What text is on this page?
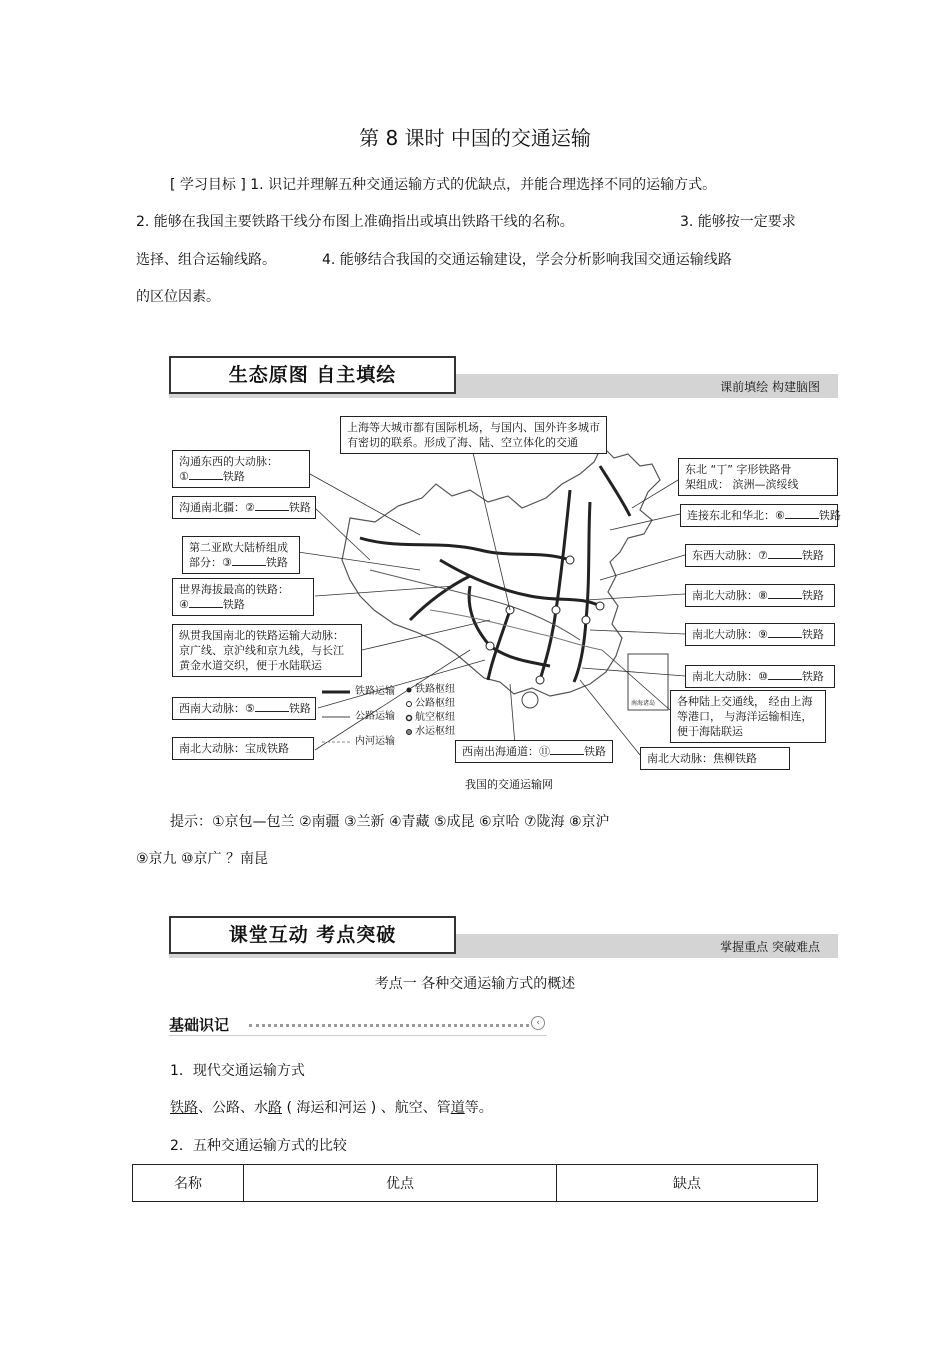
第 8 课时 中国的交通运输
[ 学习目标 ] 1. 识记并理解五种交通运输方式的优缺点，并能合理选择不同的运输方式。
2. 能够在我国主要铁路干线分布图上准确指出或填出铁路干线的名称。	3. 能够按一定要求
选择、组合运输线路。	4. 能够结合我国的交通运输建设，学会分析影响我国交通运输线路
的区位因素。
生态原图 自主填绘
课前填绘 构建脑图
上海等大城市都有国际机场，与国内、国外许多城市
有密切的联系。形成了海、陆、空立体化的交通
沟通东西的大动脉：
①	铁路
沟通南北疆：②	铁路
第二亚欧大陆桥组成
部分：③	铁路
世界海拔最高的铁路：
④	铁路
纵贯我国南北的铁路运输大动脉：
京广线、京沪线和京九线，与长江
黄金水道交织，便于水陆联运
西南大动脉：⑤	铁路
南北大动脉：宝成铁路
铁路运输
公路运输
内河运输
铁路枢纽
公路枢纽
航空枢纽
水运枢纽
南海诸岛
东北 “丁” 字形铁路骨
架组成： 滨洲—滨绥线
连接东北和华北：⑥	铁路
东西大动脉：⑦	铁路
南北大动脉：⑧	铁路
南北大动脉：⑨	铁路
南北大动脉：⑩	铁路
各种陆上交通线， 经由上海
等港口， 与海洋运输相连，
便于海陆联运
南北大动脉：焦柳铁路
西南出海通道：⑪	铁路
我国的交通运输网
提示：①京包—包兰 ②南疆 ③兰新 ④青藏 ⑤成昆 ⑥京哈 ⑦陇海 ⑧京沪
⑨京九 ⑩京广 ？南昆
课堂互动 考点突破
掌握重点 突破难点
考点一 各种交通运输方式的概述
基础识记	‹
1．现代交通运输方式
铁路、公路、水路 ( 海运和河运 ) 、航空、管道等。
2．五种交通运输方式的比较
名称	优点	缺点
